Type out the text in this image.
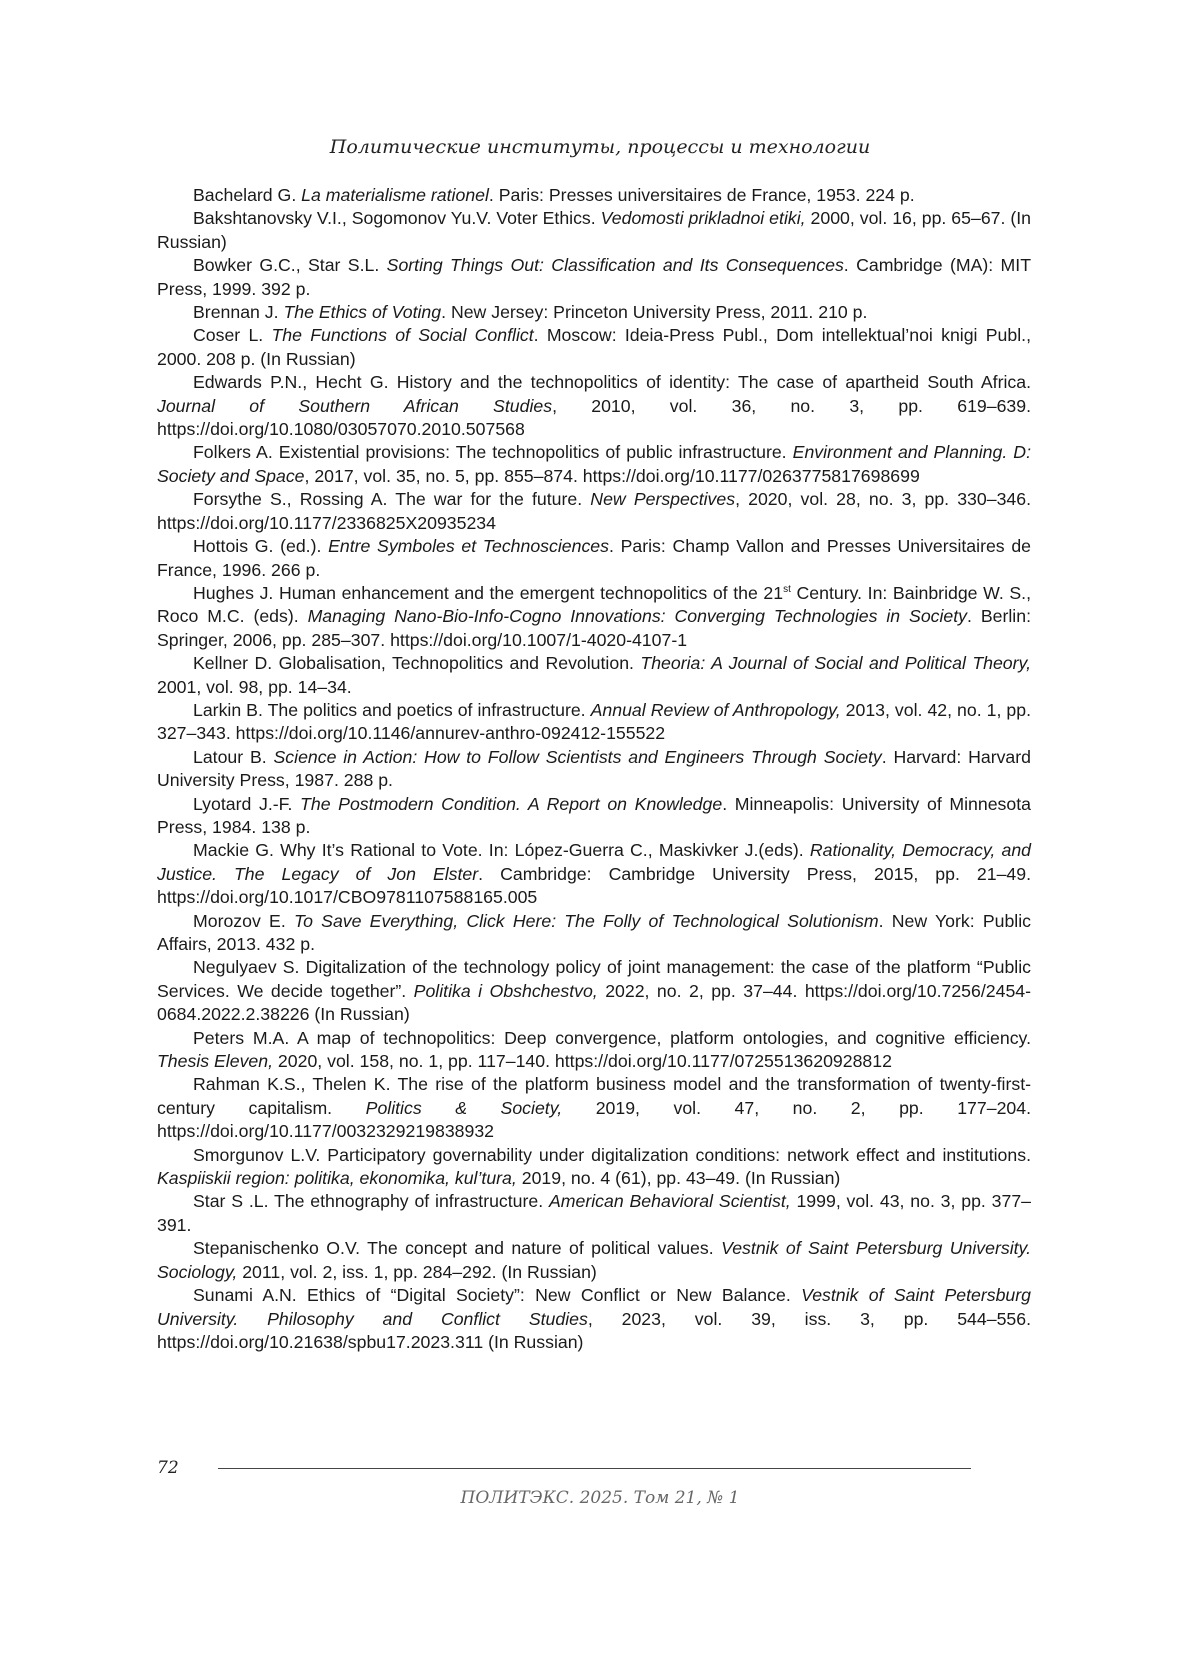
Политические институты, процессы и технологии

Bachelard G. La materialisme rationel. Paris: Presses universitaires de France, 1953. 224 p.

Bakshtanovsky V.I., Sogomonov Yu.V. Voter Ethics. Vedomosti prikladnoi etiki, 2000, vol. 16, pp. 65–67. (In Russian)

Bowker G.C., Star S.L. Sorting Things Out: Classification and Its Consequences. Cambridge (MA): MIT Press, 1999. 392 p.

Brennan J. The Ethics of Voting. New Jersey: Princeton University Press, 2011. 210 p.

Coser L. The Functions of Social Conflict. Moscow: Ideia-Press Publ., Dom intellektual’noi knigi Publ., 2000. 208 p. (In Russian)

Edwards P.N., Hecht G. History and the technopolitics of identity: The case of apartheid South Africa. Journal of Southern African Studies, 2010, vol. 36, no. 3, pp. 619–639. https://doi.org/10.1080/03057070.2010.507568

Folkers A. Existential provisions: The technopolitics of public infrastructure. Environment and Planning. D: Society and Space, 2017, vol. 35, no. 5, pp. 855–874. https://doi.org/10.1177/0263775817698699

Forsythe S., Rossing A. The war for the future. New Perspectives, 2020, vol. 28, no. 3, pp. 330–346. https://doi.org/10.1177/2336825X20935234

Hottois G. (ed.). Entre Symboles et Technosciences. Paris: Champ Vallon and Presses Universitaires de France, 1996. 266 p.

Hughes J. Human enhancement and the emergent technopolitics of the 21st Century. In: Bainbridge W. S., Roco M.C. (eds). Managing Nano-Bio-Info-Cogno Innovations: Converging Technologies in Society. Berlin: Springer, 2006, pp. 285–307. https://doi.org/10.1007/1-4020-4107-1

Kellner D. Globalisation, Technopolitics and Revolution. Theoria: A Journal of Social and Political Theory, 2001, vol. 98, pp. 14–34.

Larkin B. The politics and poetics of infrastructure. Annual Review of Anthropology, 2013, vol. 42, no. 1, pp. 327–343. https://doi.org/10.1146/annurev-anthro-092412-155522

Latour B. Science in Action: How to Follow Scientists and Engineers Through Society. Harvard: Harvard University Press, 1987. 288 p.

Lyotard J.-F. The Postmodern Condition. A Report on Knowledge. Minneapolis: University of Minnesota Press, 1984. 138 p.

Mackie G. Why It’s Rational to Vote. In: López-Guerra C., Maskivker J.(eds). Rationality, Democracy, and Justice. The Legacy of Jon Elster. Cambridge: Cambridge University Press, 2015, pp. 21–49. https://doi.org/10.1017/CBO9781107588165.005

Morozov E. To Save Everything, Click Here: The Folly of Technological Solutionism. New York: Public Affairs, 2013. 432 p.

Negulyaev S. Digitalization of the technology policy of joint management: the case of the platform “Public Services. We decide together”. Politika i Obshchestvo, 2022, no. 2, pp. 37–44. https://doi.org/10.7256/2454-0684.2022.2.38226 (In Russian)

Peters M.A. A map of technopolitics: Deep convergence, platform ontologies, and cognitive efficiency. Thesis Eleven, 2020, vol. 158, no. 1, pp. 117–140. https://doi.org/10.1177/0725513620928812

Rahman K.S., Thelen K. The rise of the platform business model and the transformation of twenty-first-century capitalism. Politics & Society, 2019, vol. 47, no. 2, pp. 177–204. https://doi.org/10.1177/0032329219838932

Smorgunov L.V. Participatory governability under digitalization conditions: network effect and institutions. Kaspiiskii region: politika, ekonomika, kul’tura, 2019, no. 4 (61), pp. 43–49. (In Russian)

Star S .L. The ethnography of infrastructure. American Behavioral Scientist, 1999, vol. 43, no. 3, pp. 377–391.

Stepanischenko O.V. The concept and nature of political values. Vestnik of Saint Petersburg University. Sociology, 2011, vol. 2, iss. 1, pp. 284–292. (In Russian)

Sunami A.N. Ethics of “Digital Society”: New Conflict or New Balance. Vestnik of Saint Petersburg University. Philosophy and Conflict Studies, 2023, vol. 39, iss. 3, pp. 544–556. https://doi.org/10.21638/spbu17.2023.311 (In Russian)

72
ПОЛИТЭКС. 2025. Том 21, № 1
